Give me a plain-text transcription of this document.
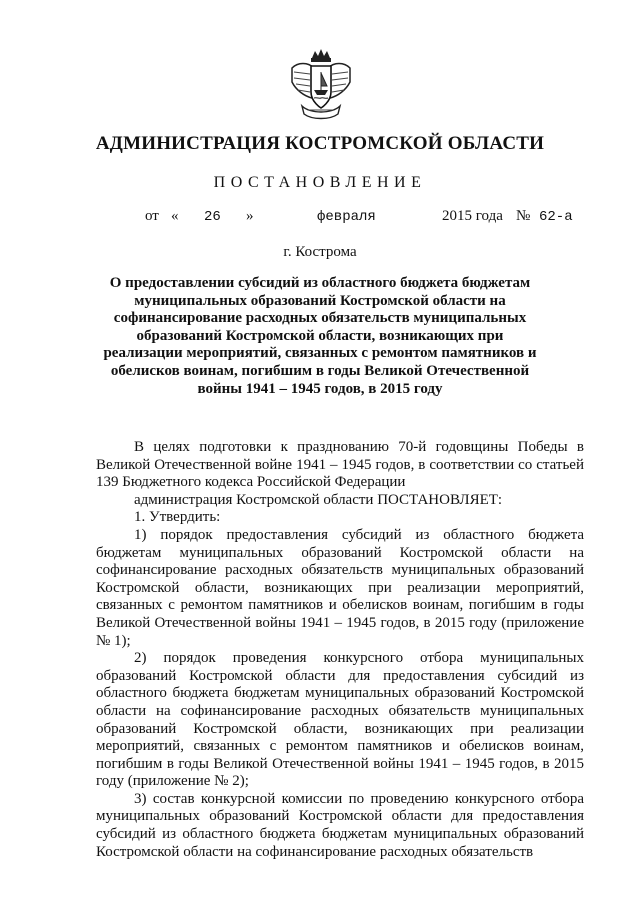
АДМИНИСТРАЦИЯ КОСТРОМСКОЙ ОБЛАСТИ
ПОСТАНОВЛЕНИЕ
от « 26 »	февраля	2015 года № 62-а
г. Кострома
О предоставлении субсидий из областного бюджета бюджетам муниципальных образований Костромской области на софинансирование расходных обязательств муниципальных образований Костромской области, возникающих при реализации мероприятий, связанных с ремонтом памятников и обелисков воинам, погибшим в годы Великой Отечественной войны 1941 – 1945 годов, в 2015 году

В целях подготовки к празднованию 70-й годовщины Победы в Великой Отечественной войне 1941 – 1945 годов, в соответствии со статьей 139 Бюджетного кодекса Российской Федерации

администрация Костромской области ПОСТАНОВЛЯЕТ:

1. Утвердить:

1) порядок предоставления субсидий из областного бюджета бюджетам муниципальных образований Костромской области на софинансирование расходных обязательств муниципальных образований Костромской области, возникающих при реализации мероприятий, связанных с ремонтом памятников и обелисков воинам, погибшим в годы Великой Отечественной войны 1941 – 1945 годов, в 2015 году (приложение № 1);

2) порядок проведения конкурсного отбора муниципальных образований Костромской области для предоставления субсидий из областного бюджета бюджетам муниципальных образований Костромской области на софинансирование расходных обязательств муниципальных образований Костромской области, возникающих при реализации мероприятий, связанных с ремонтом памятников и обелисков воинам, погибшим в годы Великой Отечественной войны 1941 – 1945 годов, в 2015 году (приложение № 2);

3) состав конкурсной комиссии по проведению конкурсного отбора муниципальных образований Костромской области для предоставления субсидий из областного бюджета бюджетам муниципальных образований Костромской области на софинансирование расходных обязательств
